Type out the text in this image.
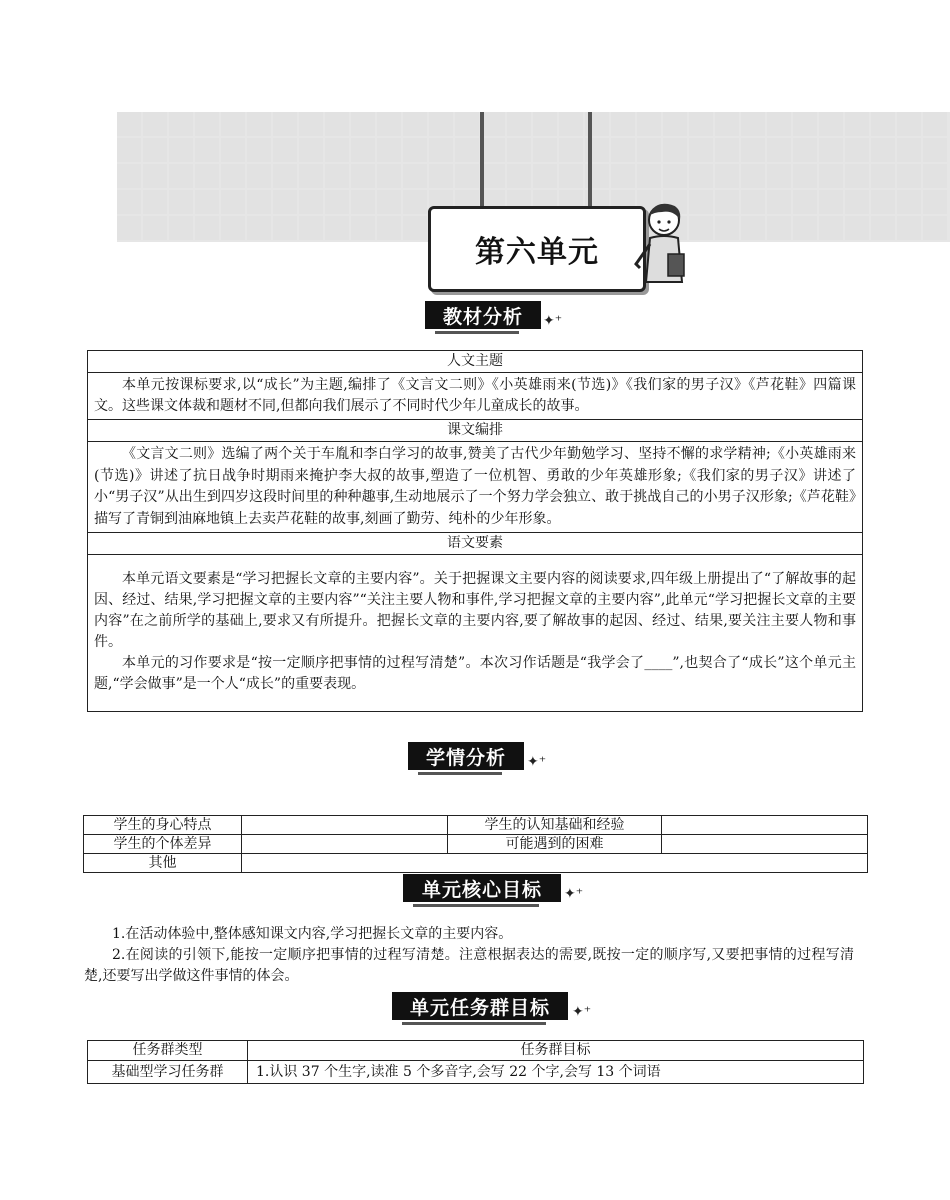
第六单元
教材分析 ✦⁺
人文主题
本单元按课标要求,以“成长”为主题,编排了《文言文二则》《小英雄雨来(节选)》《我们家的男子汉》《芦花鞋》四篇课文。这些课文体裁和题材不同,但都向我们展示了不同时代少年儿童成长的故事。
课文编排
《文言文二则》选编了两个关于车胤和李白学习的故事,赞美了古代少年勤勉学习、坚持不懈的求学精神;《小英雄雨来(节选)》讲述了抗日战争时期雨来掩护李大叔的故事,塑造了一位机智、勇敢的少年英雄形象;《我们家的男子汉》讲述了小“男子汉”从出生到四岁这段时间里的种种趣事,生动地展示了一个努力学会独立、敢于挑战自己的小男子汉形象;《芦花鞋》描写了青铜到油麻地镇上去卖芦花鞋的故事,刻画了勤劳、纯朴的少年形象。
语文要素

本单元语文要素是“学习把握长文章的主要内容”。关于把握课文主要内容的阅读要求,四年级上册提出了“了解故事的起因、经过、结果,学习把握文章的主要内容”“关注主要人物和事件,学习把握文章的主要内容”,此单元“学习把握长文章的主要内容”在之前所学的基础上,要求又有所提升。把握长文章的主要内容,要了解故事的起因、经过、结果,要关注主要人物和事件。
本单元的习作要求是“按一定顺序把事情的过程写清楚”。本次习作话题是“我学会了____”,也契合了“成长”这个单元主题,“学会做事”是一个人“成长”的重要表现。
学情分析 ✦⁺
学生的身心特点		学生的认知基础和经验	
学生的个体差异		可能遇到的困难	
其他			
单元核心目标 ✦⁺

1.在活动体验中,整体感知课文内容,学习把握长文章的主要内容。

2.在阅读的引领下,能按一定顺序把事情的过程写清楚。注意根据表达的需要,既按一定的顺序写,又要把事情的过程写清楚,还要写出学做这件事情的体会。

单元任务群目标 ✦⁺
任务群类型	任务群目标
基础型学习任务群	1.认识 37 个生字,读准 5 个多音字,会写 22 个字,会写 13 个词语
